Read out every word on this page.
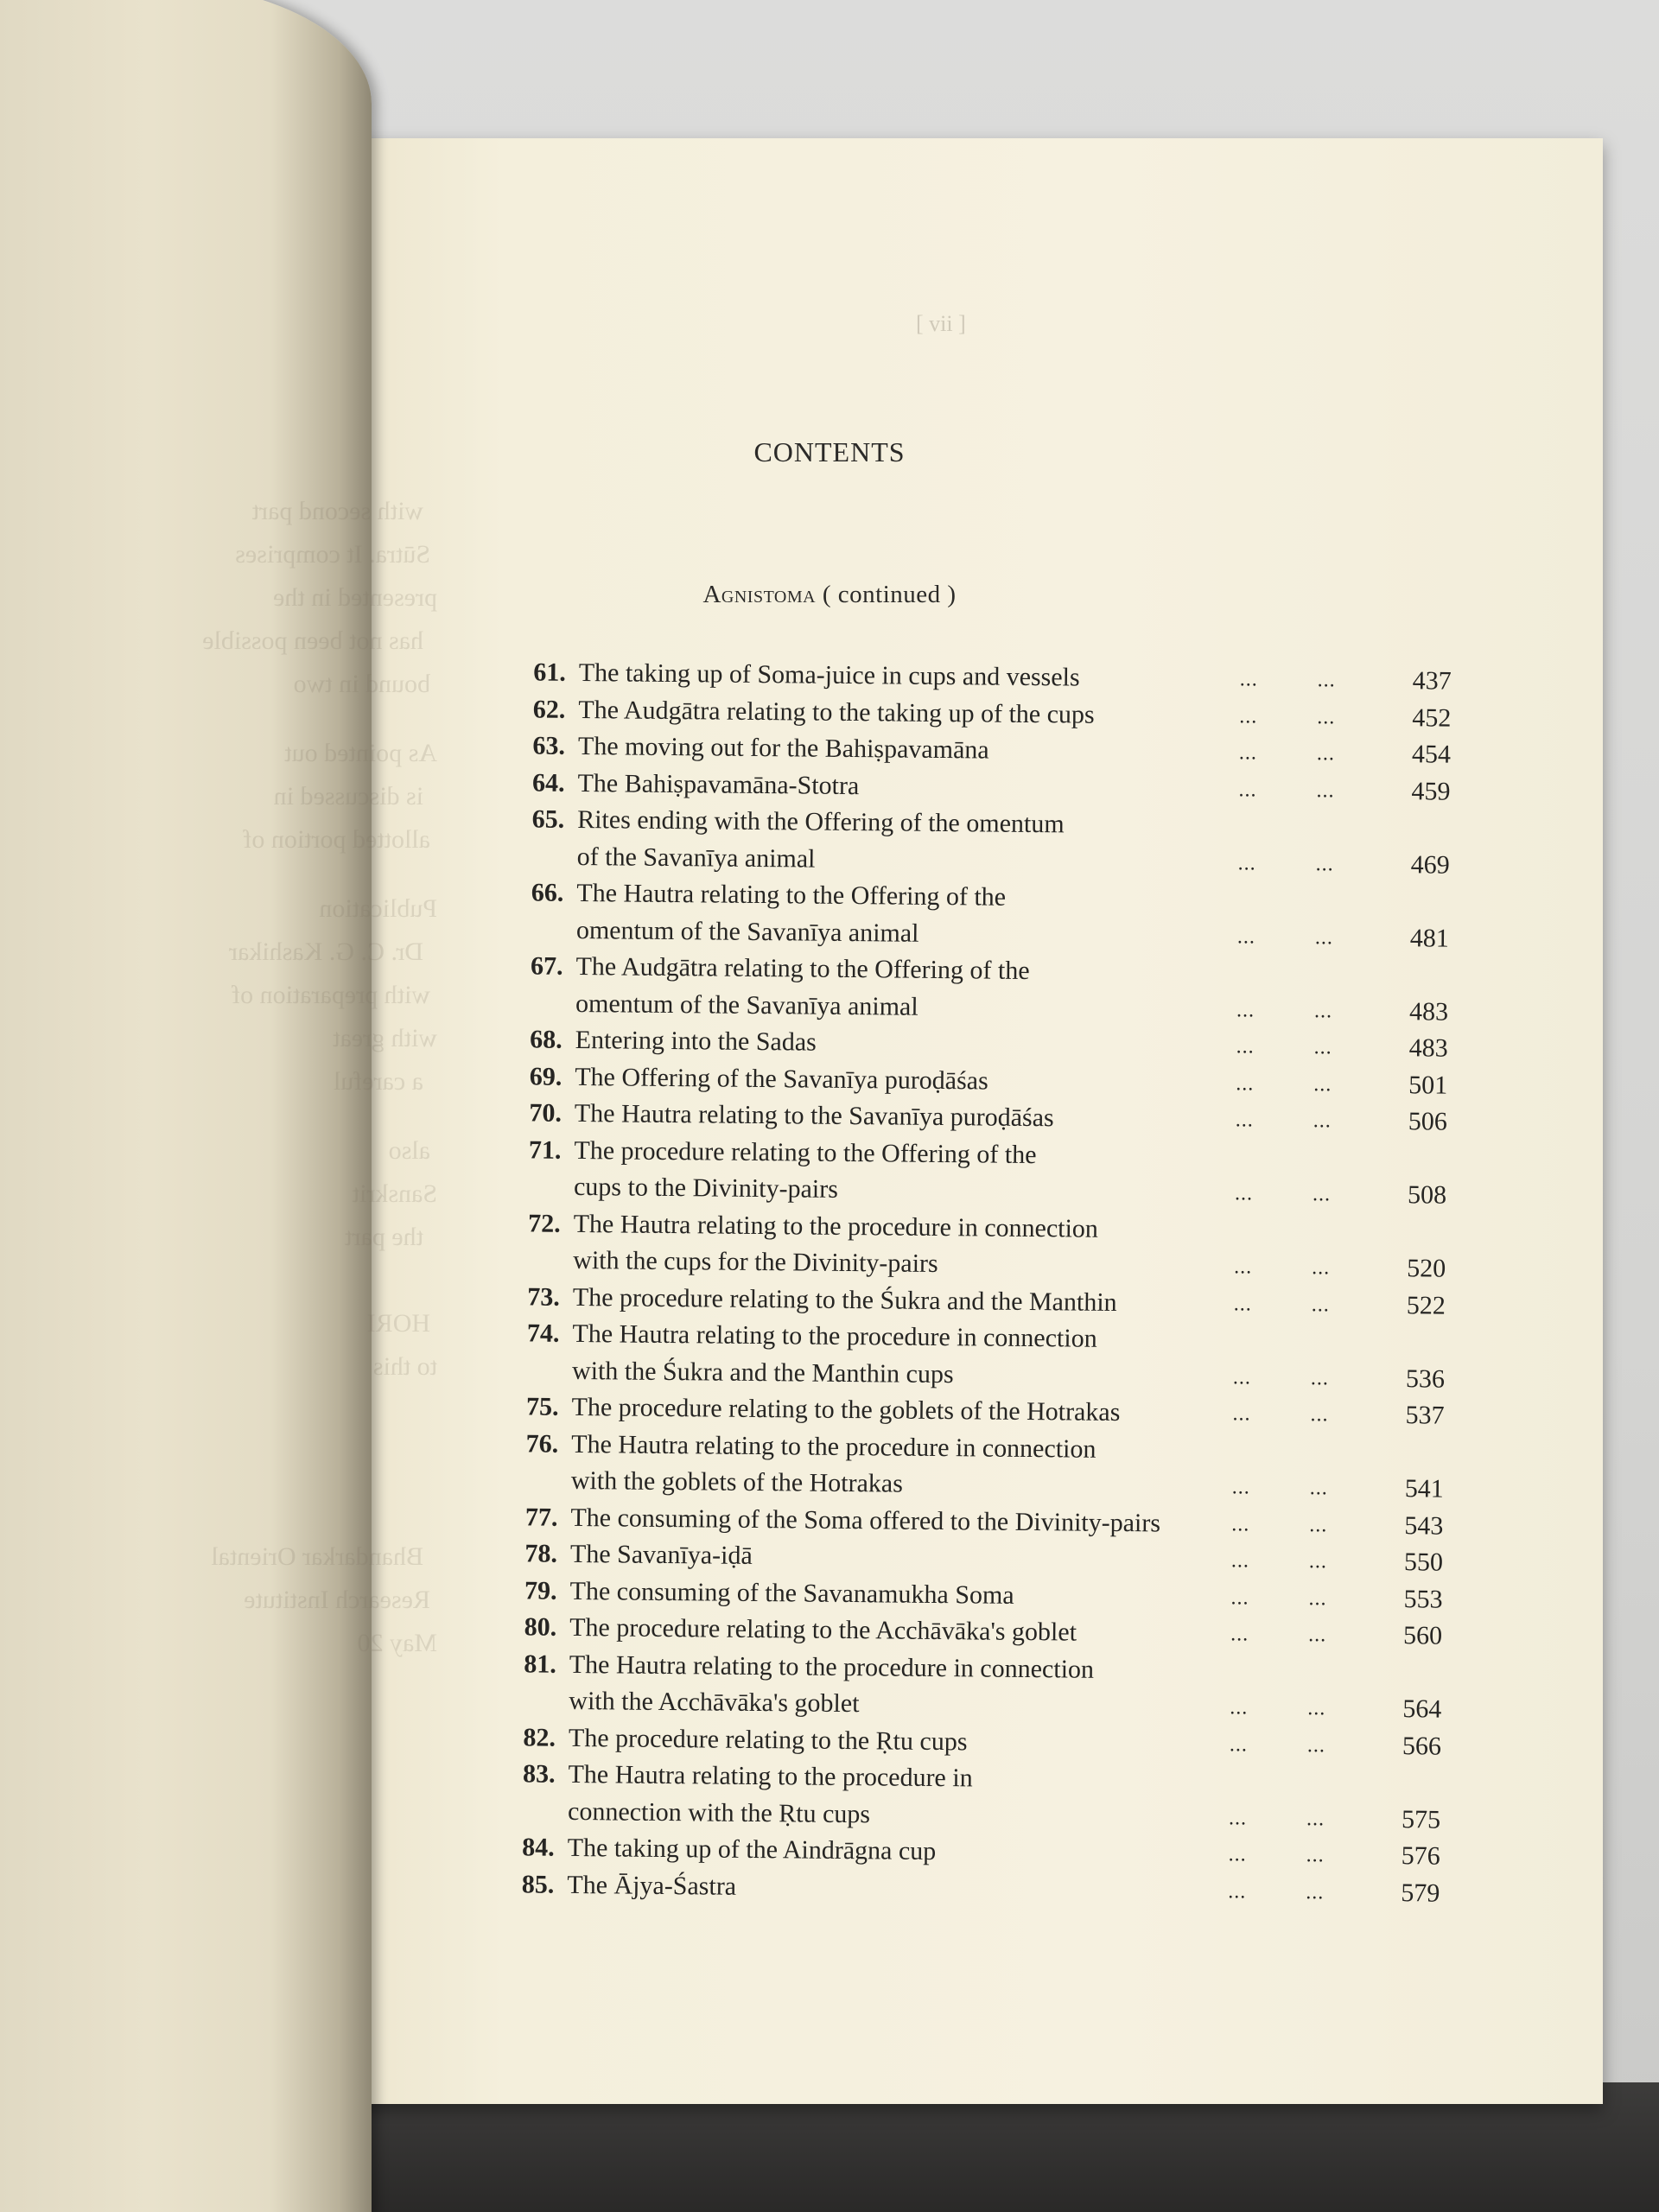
with second part
Sūtra. It comprises
presented in the
has not been possible
bound in two
As pointed out
is discussed in
allotted portion of
Publication
Dr. C. G. Kashikar
with preparation of
with great
a careful
also
Sanskrit
the part
HORI
to this
Bhandarkar Oriental
Research Institute
May 20
[ vii ]
CONTENTS
Agnistoma ( continued )
61. The taking up of Soma-juice in cups and vessels	...	...	437
62. The Audgātra relating to the taking up of the cups	...	...	452
63. The moving out for the Bahiṣpavamāna	...	...	454
64. The Bahiṣpavamāna-Stotra	...	...	459
65. Rites ending with the Offering of the omentum
of the Savanīya animal	...	...	469
66. The Hautra relating to the Offering of the
omentum of the Savanīya animal	...	...	481
67. The Audgātra relating to the Offering of the
omentum of the Savanīya animal	...	...	483
68. Entering into the Sadas	...	...	483
69. The Offering of the Savanīya puroḍāśas	...	...	501
70. The Hautra relating to the Savanīya puroḍāśas	...	...	506
71. The procedure relating to the Offering of the
cups to the Divinity-pairs	...	...	508
72. The Hautra relating to the procedure in connection
with the cups for the Divinity-pairs	...	...	520
73. The procedure relating to the Śukra and the Manthin	...	...	522
74. The Hautra relating to the procedure in connection
with the Śukra and the Manthin cups	...	...	536
75. The procedure relating to the goblets of the Hotrakas	...	...	537
76. The Hautra relating to the procedure in connection
with the goblets of the Hotrakas	...	...	541
77. The consuming of the Soma offered to the Divinity-pairs	...	...	543
78. The Savanīya-iḍā	...	...	550
79. The consuming of the Savanamukha Soma	...	...	553
80. The procedure relating to the Acchāvāka's goblet	...	...	560
81. The Hautra relating to the procedure in connection
with the Acchāvāka's goblet	...	...	564
82. The procedure relating to the Ṛtu cups	...	...	566
83. The Hautra relating to the procedure in
connection with the Ṛtu cups	...	...	575
84. The taking up of the Aindrāgna cup	...	...	576
85. The Ājya-Śastra	...	...	579
